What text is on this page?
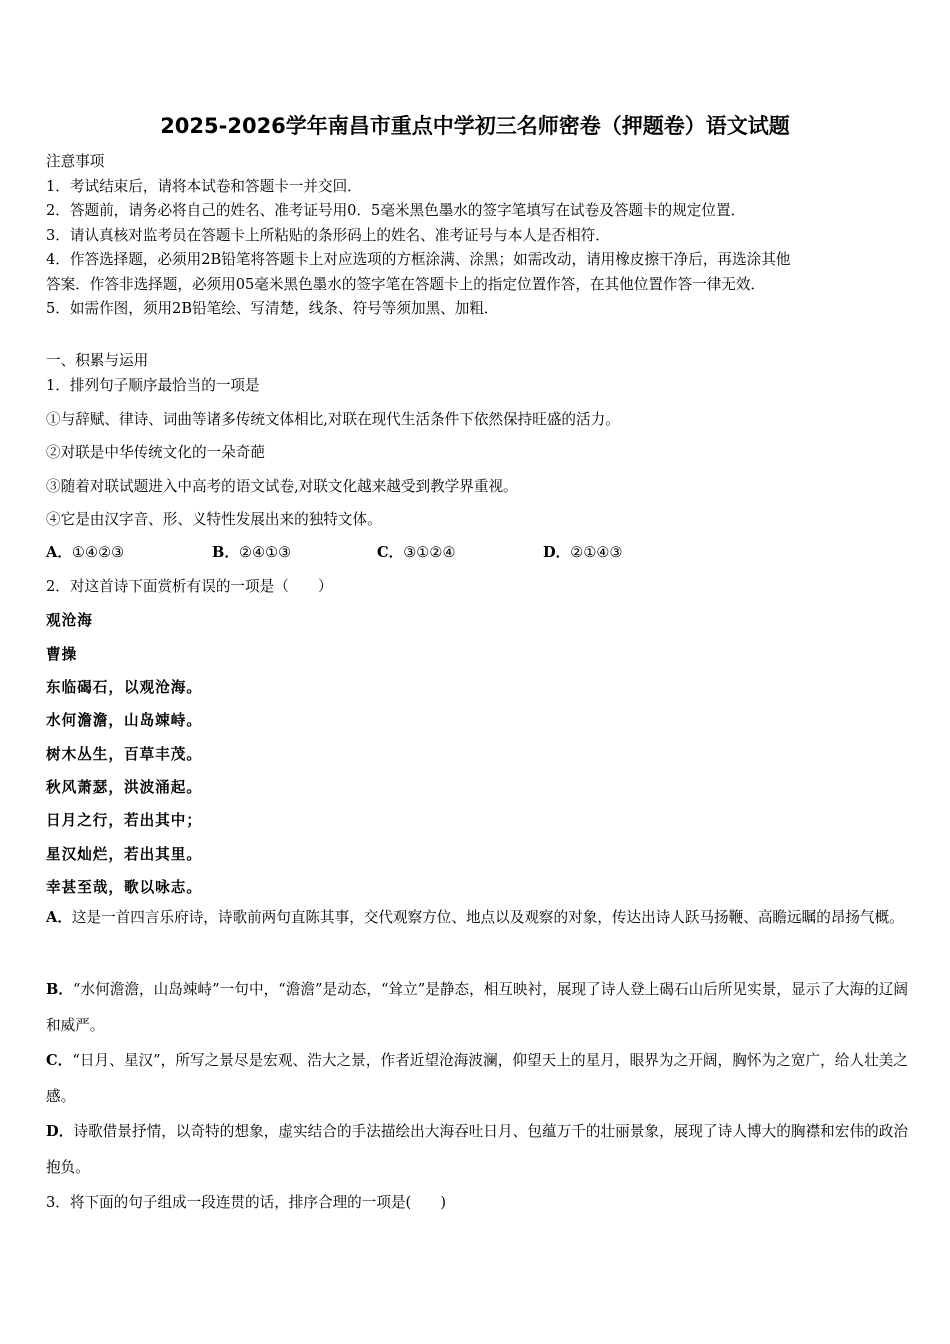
2025-2026学年南昌市重点中学初三名师密卷（押题卷）语文试题
注意事项
1．考试结束后，请将本试卷和答题卡一并交回．
2．答题前，请务必将自己的姓名、准考证号用0．5毫米黑色墨水的签字笔填写在试卷及答题卡的规定位置．
3．请认真核对监考员在答题卡上所粘贴的条形码上的姓名、准考证号与本人是否相符．
4．作答选择题，必须用2B铅笔将答题卡上对应选项的方框涂满、涂黑；如需改动，请用橡皮擦干净后，再选涂其他
答案．作答非选择题，必须用05毫米黑色墨水的签字笔在答题卡上的指定位置作答，在其他位置作答一律无效．
5．如需作图，须用2B铅笔绘、写清楚，线条、符号等须加黑、加粗．
一、积累与运用
1．排列句子顺序最恰当的一项是
①与辞赋、律诗、词曲等诸多传统文体相比,对联在现代生活条件下依然保持旺盛的活力。
②对联是中华传统文化的一朵奇葩
③随着对联试题进入中高考的语文试卷,对联文化越来越受到教学界重视。
④它是由汉字音、形、义特性发展出来的独特文体。
A．①④②③	B．②④①③	C．③①②④	D．②①④③
2．对这首诗下面赏析有误的一项是（　　）
观沧海
曹操
东临碣石，以观沧海。
水何澹澹，山岛竦峙。
树木丛生，百草丰茂。
秋风萧瑟，洪波涌起。
日月之行，若出其中；
星汉灿烂，若出其里。
幸甚至哉，歌以咏志。
A．这是一首四言乐府诗，诗歌前两句直陈其事，交代观察方位、地点以及观察的对象，传达出诗人跃马扬鞭、高瞻远瞩的昂扬气概。
B．“水何澹澹，山岛竦峙”一句中，“澹澹”是动态，“耸立”是静态，相互映衬，展现了诗人登上碣石山后所见实景，显示了大海的辽阔和威严。
C．“日月、星汉”，所写之景尽是宏观、浩大之景，作者近望沧海波澜，仰望天上的星月，眼界为之开阔，胸怀为之宽广，给人壮美之感。
D．诗歌借景抒情，以奇特的想象，虚实结合的手法描绘出大海吞吐日月、包蕴万千的壮丽景象，展现了诗人博大的胸襟和宏伟的政治抱负。
3．将下面的句子组成一段连贯的话，排序合理的一项是(　　)
